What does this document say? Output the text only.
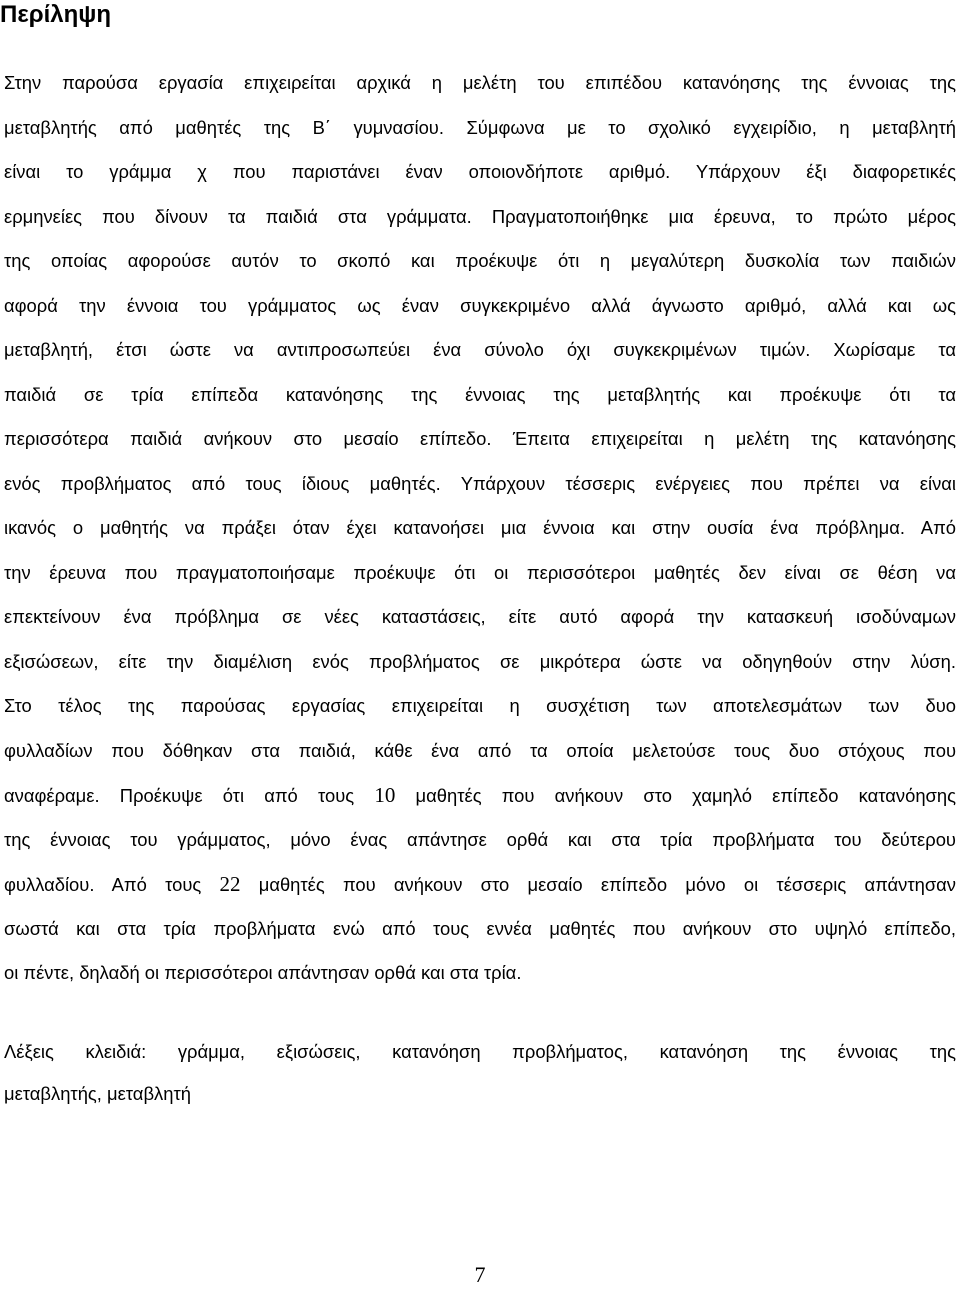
Περίληψη
Στην παρούσα εργασία επιχειρείται αρχικά η μελέτη του επιπέδου κατανόησης της έννοιας της
μεταβλητής από μαθητές της Β΄ γυμνασίου. Σύμφωνα με το σχολικό εγχειρίδιο, η μεταβλητή
είναι το γράμμα χ που παριστάνει έναν οποιονδήποτε αριθμό. Υπάρχουν έξι διαφορετικές
ερμηνείες που δίνουν τα παιδιά στα γράμματα. Πραγματοποιήθηκε μια έρευνα, το πρώτο μέρος
της οποίας αφορούσε αυτόν το σκοπό και προέκυψε ότι η μεγαλύτερη δυσκολία των παιδιών
αφορά την έννοια του γράμματος ως έναν συγκεκριμένο αλλά άγνωστο αριθμό, αλλά και ως
μεταβλητή, έτσι ώστε να αντιπροσωπεύει ένα σύνολο όχι συγκεκριμένων τιμών. Χωρίσαμε τα
παιδιά σε τρία επίπεδα κατανόησης της έννοιας της μεταβλητής και προέκυψε ότι τα
περισσότερα παιδιά ανήκουν στο μεσαίο επίπεδο. Έπειτα επιχειρείται η μελέτη της κατανόησης
ενός προβλήματος από τους ίδιους μαθητές. Υπάρχουν τέσσερις ενέργειες που πρέπει να είναι
ικανός ο μαθητής να πράξει όταν έχει κατανοήσει μια έννοια και στην ουσία ένα πρόβλημα. Από
την έρευνα που πραγματοποιήσαμε προέκυψε ότι οι περισσότεροι μαθητές δεν είναι σε θέση να
επεκτείνουν ένα πρόβλημα σε νέες καταστάσεις, είτε αυτό αφορά την κατασκευή ισοδύναμων
εξισώσεων, είτε την διαμέλιση ενός προβλήματος σε μικρότερα ώστε να οδηγηθούν στην λύση.
Στο τέλος της παρούσας εργασίας επιχειρείται η συσχέτιση των αποτελεσμάτων των δυο
φυλλαδίων που δόθηκαν στα παιδιά, κάθε ένα από τα οποία μελετούσε τους δυο στόχους που
αναφέραμε. Προέκυψε ότι από τους 10 μαθητές που ανήκουν στο χαμηλό επίπεδο κατανόησης
της έννοιας του γράμματος, μόνο ένας απάντησε ορθά και στα τρία προβλήματα του δεύτερου
φυλλαδίου. Από τους 22 μαθητές που ανήκουν στο μεσαίο επίπεδο μόνο οι τέσσερις απάντησαν
σωστά και στα τρία προβλήματα ενώ από τους εννέα μαθητές που ανήκουν στο υψηλό επίπεδο,
οι πέντε, δηλαδή οι περισσότεροι απάντησαν ορθά και στα τρία.
Λέξεις κλειδιά: γράμμα, εξισώσεις, κατανόηση προβλήματος, κατανόηση της έννοιας της
μεταβλητής, μεταβλητή
7
